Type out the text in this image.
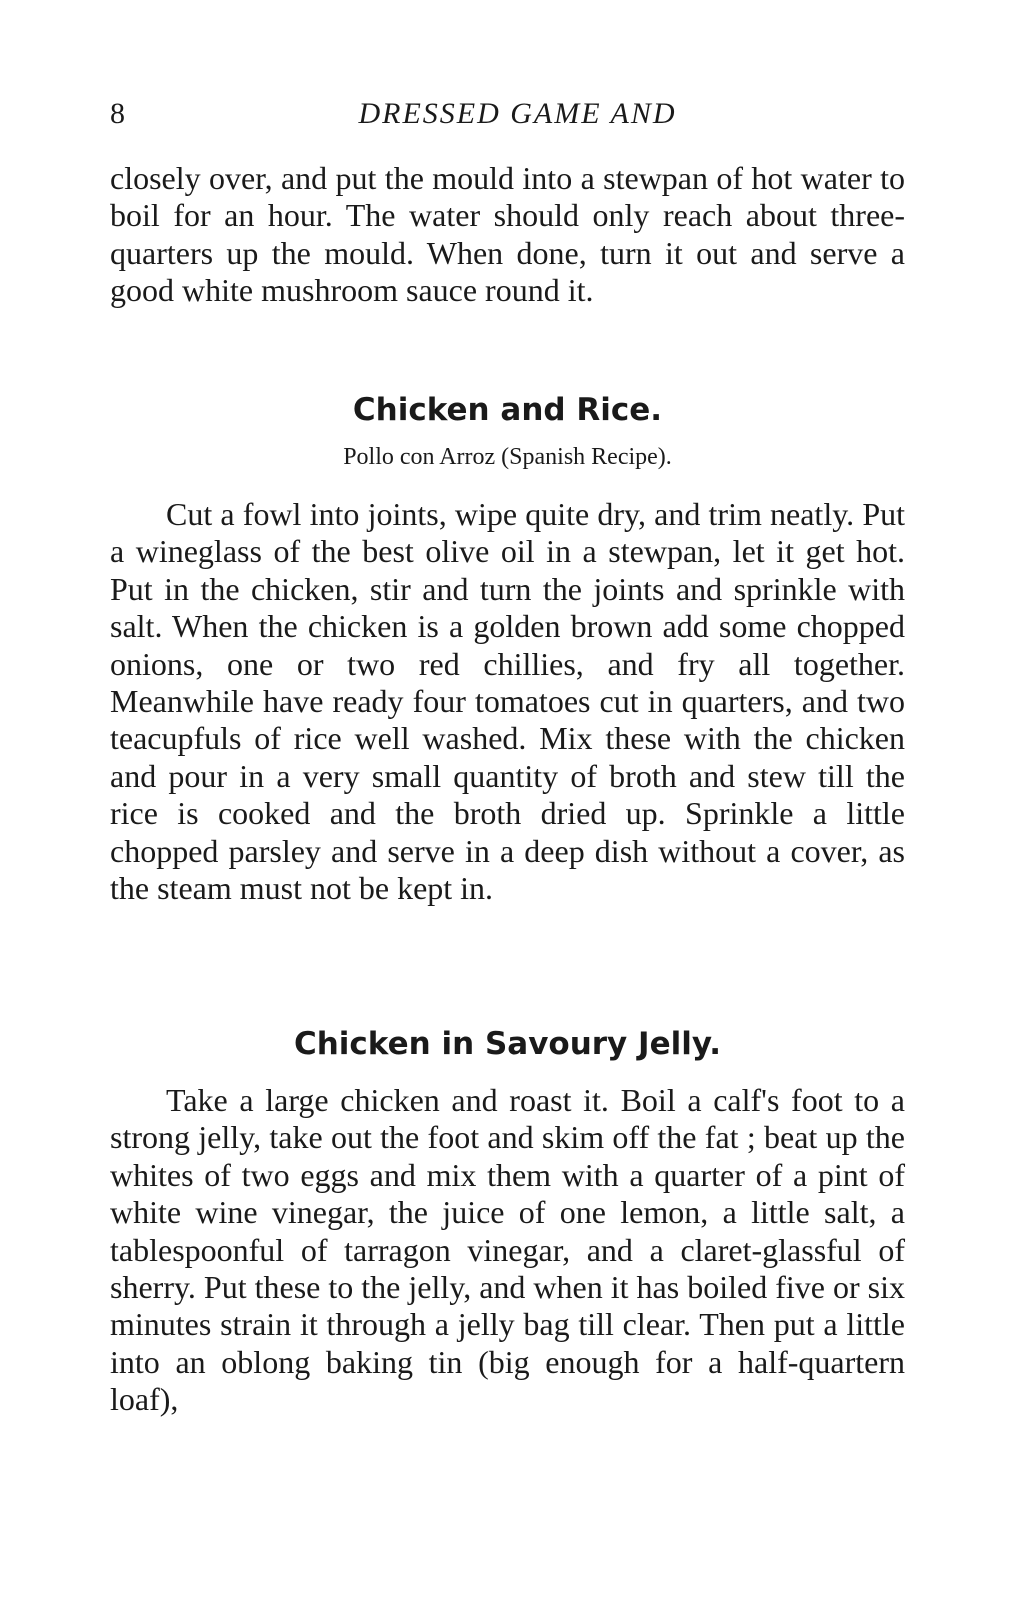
8	DRESSED GAME AND

closely over, and put the mould into a stewpan of hot water to boil for an hour. The water should only reach about three-quarters up the mould. When done, turn it out and serve a good white mushroom sauce round it.

Chicken and Rice.

Pollo con Arroz (Spanish Recipe).

Cut a fowl into joints, wipe quite dry, and trim neatly. Put a wineglass of the best olive oil in a stewpan, let it get hot. Put in the chicken, stir and turn the joints and sprinkle with salt. When the chicken is a golden brown add some chopped onions, one or two red chillies, and fry all together. Meanwhile have ready four tomatoes cut in quarters, and two teacupfuls of rice well washed. Mix these with the chicken and pour in a very small quantity of broth and stew till the rice is cooked and the broth dried up. Sprinkle a little chopped parsley and serve in a deep dish without a cover, as the steam must not be kept in.

Chicken in Savoury Jelly.

Take a large chicken and roast it. Boil a calf's foot to a strong jelly, take out the foot and skim off the fat ; beat up the whites of two eggs and mix them with a quarter of a pint of white wine vinegar, the juice of one lemon, a little salt, a tablespoonful of tarragon vinegar, and a claret-glassful of sherry. Put these to the jelly, and when it has boiled five or six minutes strain it through a jelly bag till clear. Then put a little into an oblong baking tin (big enough for a half-quartern loaf),
